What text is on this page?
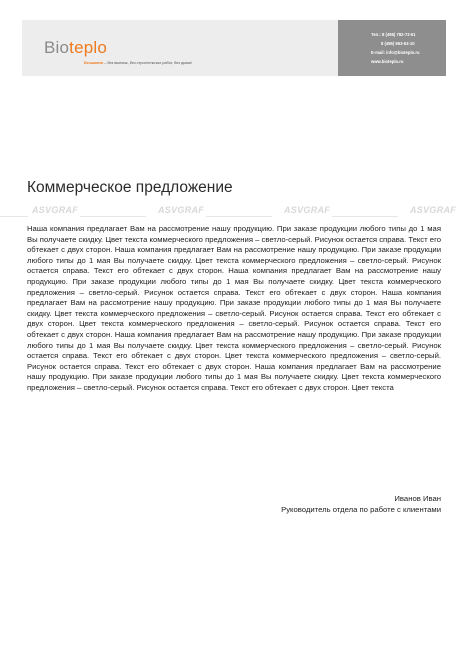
Bioteplo
Безшовно – без выемок, без строительных работ, без дыма!
Тел.: 8 (495) 782-72-51
8 (495) 963-53-10
E-mail: info@bioteplo.ru
www.bioteplo.ru
Коммерческое предложение
ASVGRAF	ASVGRAF	ASVGRAF	ASVGRAF
Наша компания предлагает Вам на рассмотрение нашу продукцию. При заказе продукции любого типы до 1 мая Вы получаете скидку. Цвет текста коммерческого предложения – светло-серый. Рисунок остается справа. Текст его обтекает с двух сторон. Наша компания предлагает Вам на рассмотрение нашу продукцию. При заказе продукции любого типы до 1 мая Вы получаете скидку. Цвет текста коммерческого предложения – светло-серый. Рисунок остается справа. Текст его обтекает с двух сторон. Наша компания предлагает Вам на рассмотрение нашу продукцию. При заказе продукции любого типы до 1 мая Вы получаете скидку. Цвет текста коммерческого предложения – светло-серый. Рисунок остается справа. Текст его обтекает с двух сторон. Наша компания предлагает Вам на рассмотрение нашу продукцию. При заказе продукции любого типы до 1 мая Вы получаете скидку. Цвет текста коммерческого предложения – светло-серый. Рисунок остается справа. Текст его обтекает с двух сторон. Цвет текста коммерческого предложения – светло-серый. Рисунок остается справа. Текст его обтекает с двух сторон. Наша компания предлагает Вам на рассмотрение нашу продукцию. При заказе продукции любого типы до 1 мая Вы получаете скидку. Цвет текста коммерческого предложения – светло-серый. Рисунок остается справа. Текст его обтекает с двух сторон. Цвет текста коммерческого предложения – светло-серый. Рисунок остается справа. Текст его обтекает с двух сторон. Наша компания предлагает Вам на рассмотрение нашу продукцию. При заказе продукции любого типы до 1 мая Вы получаете скидку. Цвет текста коммерческого предложения – светло-серый. Рисунок остается справа. Текст его обтекает с двух сторон. Цвет текста
Иванов Иван
Руководитель отдела по работе с клиентами
